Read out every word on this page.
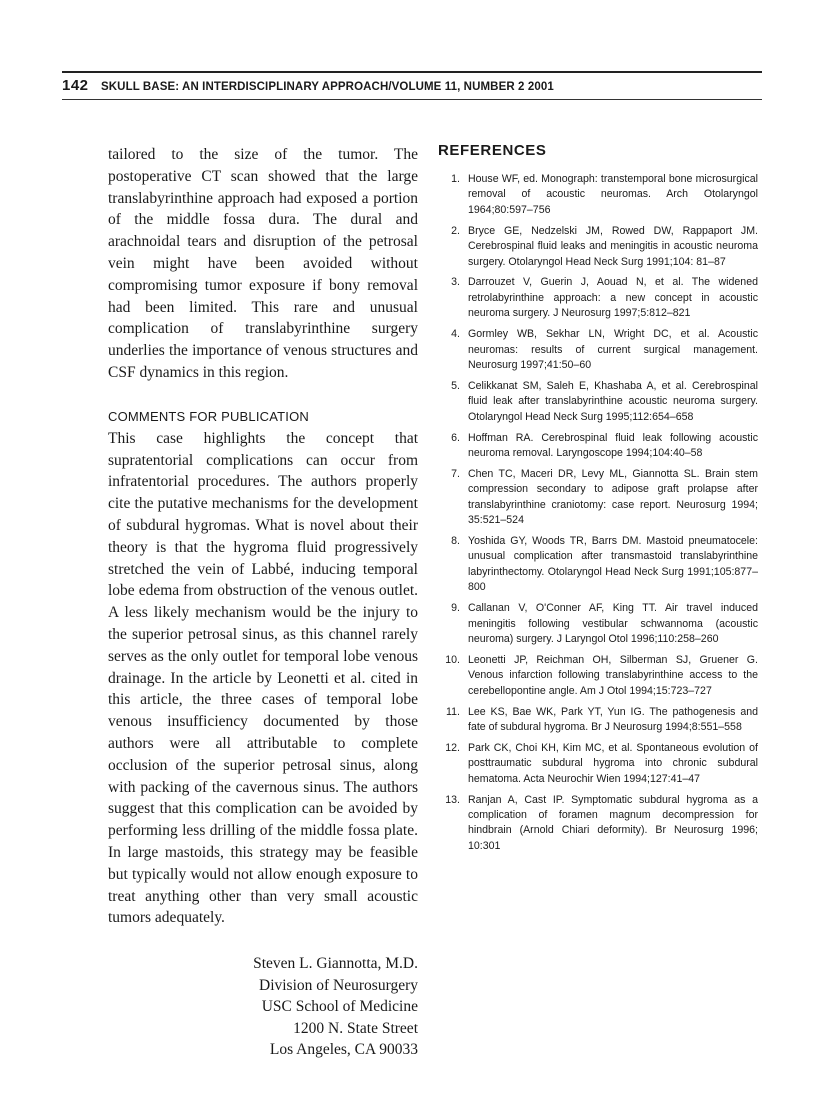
142 SKULL BASE: AN INTERDISCIPLINARY APPROACH/VOLUME 11, NUMBER 2 2001

tailored to the size of the tumor. The postoperative CT scan showed that the large translabyrinthine approach had exposed a portion of the middle fossa dura. The dural and arachnoidal tears and disruption of the petrosal vein might have been avoided without compromising tumor exposure if bony removal had been limited. This rare and unusual complication of translabyrinthine surgery underlies the importance of venous structures and CSF dynamics in this region.

COMMENTS FOR PUBLICATION

This case highlights the concept that supratentorial complications can occur from infratentorial procedures. The authors properly cite the putative mechanisms for the development of subdural hygromas. What is novel about their theory is that the hygroma fluid progressively stretched the vein of Labbé, inducing temporal lobe edema from obstruction of the venous outlet. A less likely mechanism would be the injury to the superior petrosal sinus, as this channel rarely serves as the only outlet for temporal lobe venous drainage. In the article by Leonetti et al. cited in this article, the three cases of temporal lobe venous insufficiency documented by those authors were all attributable to complete occlusion of the superior petrosal sinus, along with packing of the cavernous sinus. The authors suggest that this complication can be avoided by performing less drilling of the middle fossa plate. In large mastoids, this strategy may be feasible but typically would not allow enough exposure to treat anything other than very small acoustic tumors adequately.

Steven L. Giannotta, M.D.
Division of Neurosurgery
USC School of Medicine
1200 N. State Street
Los Angeles, CA 90033
REFERENCES
1. House WF, ed. Monograph: transtemporal bone microsurgical removal of acoustic neuromas. Arch Otolaryngol 1964;80:597–756
2. Bryce GE, Nedzelski JM, Rowed DW, Rappaport JM. Cerebrospinal fluid leaks and meningitis in acoustic neuroma surgery. Otolaryngol Head Neck Surg 1991;104: 81–87
3. Darrouzet V, Guerin J, Aouad N, et al. The widened retrolabyrinthine approach: a new concept in acoustic neuroma surgery. J Neurosurg 1997;5:812–821
4. Gormley WB, Sekhar LN, Wright DC, et al. Acoustic neuromas: results of current surgical management. Neurosurg 1997;41:50–60
5. Celikkanat SM, Saleh E, Khashaba A, et al. Cerebrospinal fluid leak after translabyrinthine acoustic neuroma surgery. Otolaryngol Head Neck Surg 1995;112:654–658
6. Hoffman RA. Cerebrospinal fluid leak following acoustic neuroma removal. Laryngoscope 1994;104:40–58
7. Chen TC, Maceri DR, Levy ML, Giannotta SL. Brain stem compression secondary to adipose graft prolapse after translabyrinthine craniotomy: case report. Neurosurg 1994; 35:521–524
8. Yoshida GY, Woods TR, Barrs DM. Mastoid pneumatocele: unusual complication after transmastoid translabyrinthine labyrinthectomy. Otolaryngol Head Neck Surg 1991;105:877–800
9. Callanan V, O'Conner AF, King TT. Air travel induced meningitis following vestibular schwannoma (acoustic neuroma) surgery. J Laryngol Otol 1996;110:258–260
10. Leonetti JP, Reichman OH, Silberman SJ, Gruener G. Venous infarction following translabyrinthine access to the cerebellopontine angle. Am J Otol 1994;15:723–727
11. Lee KS, Bae WK, Park YT, Yun IG. The pathogenesis and fate of subdural hygroma. Br J Neurosurg 1994;8:551–558
12. Park CK, Choi KH, Kim MC, et al. Spontaneous evolution of posttraumatic subdural hygroma into chronic subdural hematoma. Acta Neurochir Wien 1994;127:41–47
13. Ranjan A, Cast IP. Symptomatic subdural hygroma as a complication of foramen magnum decompression for hindbrain (Arnold Chiari deformity). Br Neurosurg 1996; 10:301
